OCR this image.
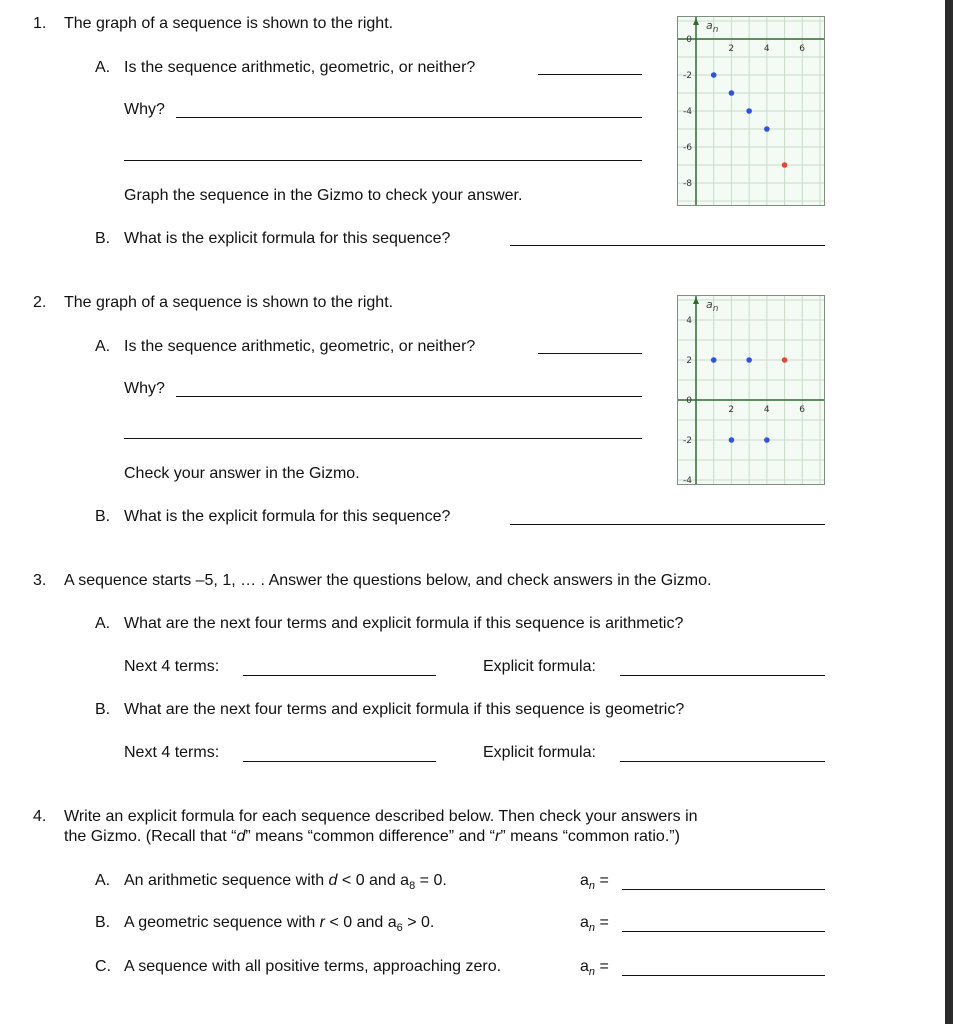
1. The graph of a sequence is shown to the right.
A. Is the sequence arithmetic, geometric, or neither?
Why?
Graph the sequence in the Gizmo to check your answer.
B. What is the explicit formula for this sequence?
$a_n$
2	4	6
0
-2
-4
-6
-8
2. The graph of a sequence is shown to the right.
A. Is the sequence arithmetic, geometric, or neither?
Why?
Check your answer in the Gizmo.
B. What is the explicit formula for this sequence?
$a_n$
2	4	6
4
2
0
-2
-4
3. A sequence starts –5, 1, … . Answer the questions below, and check answers in the Gizmo.
A. What are the next four terms and explicit formula if this sequence is arithmetic?
Next 4 terms:	Explicit formula:
B. What are the next four terms and explicit formula if this sequence is geometric?
Next 4 terms:	Explicit formula:
4. Write an explicit formula for each sequence described below. Then check your answers in
the Gizmo. (Recall that “d” means “common difference” and “r” means “common ratio.”)
A. An arithmetic sequence with d < 0 and $a_8 = 0$.	$a_n$ =
B. A geometric sequence with r < 0 and $a_6 > 0$.	$a_n$ =
C. A sequence with all positive terms, approaching zero.	$a_n$ =
